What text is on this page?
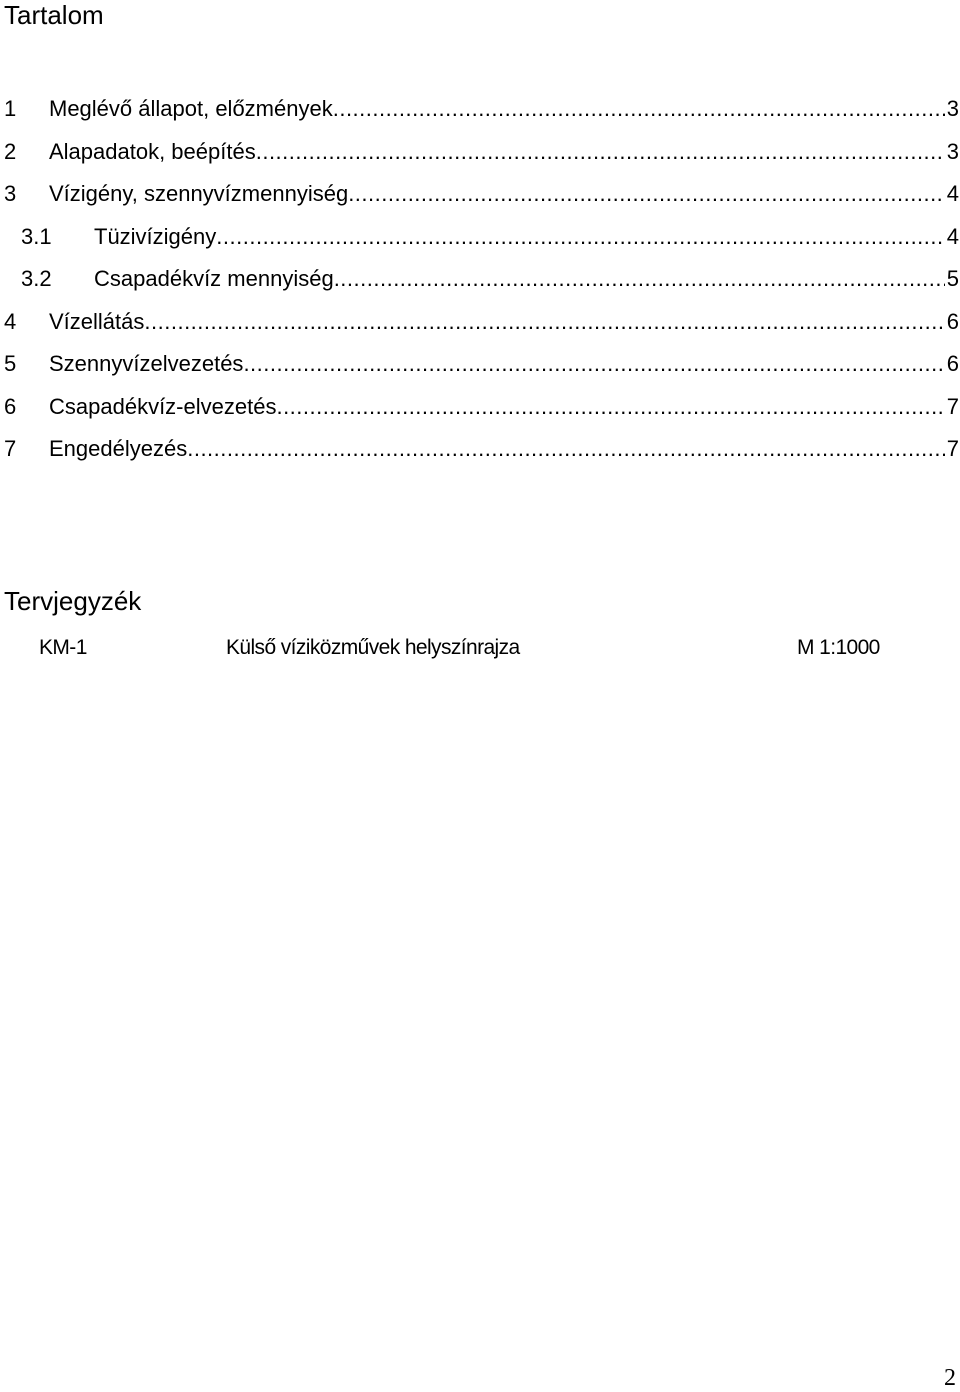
Tartalom
1 Meglévő állapot, előzmények .....	3
2 Alapadatok, beépítés .....	3
3 Vízigény, szennyvízmennyiség .....	4
3.1 Tüzivízigény .....	4
3.2 Csapadékvíz mennyiség .....	5
4 Vízellátás .....	6
5 Szennyvízelvezetés .....	6
6 Csapadékvíz-elvezetés .....	7
7 Engedélyezés .....	7
Tervjegyzék
KM-1	Külső víziközművek helyszínrajza	M 1:1000
2
